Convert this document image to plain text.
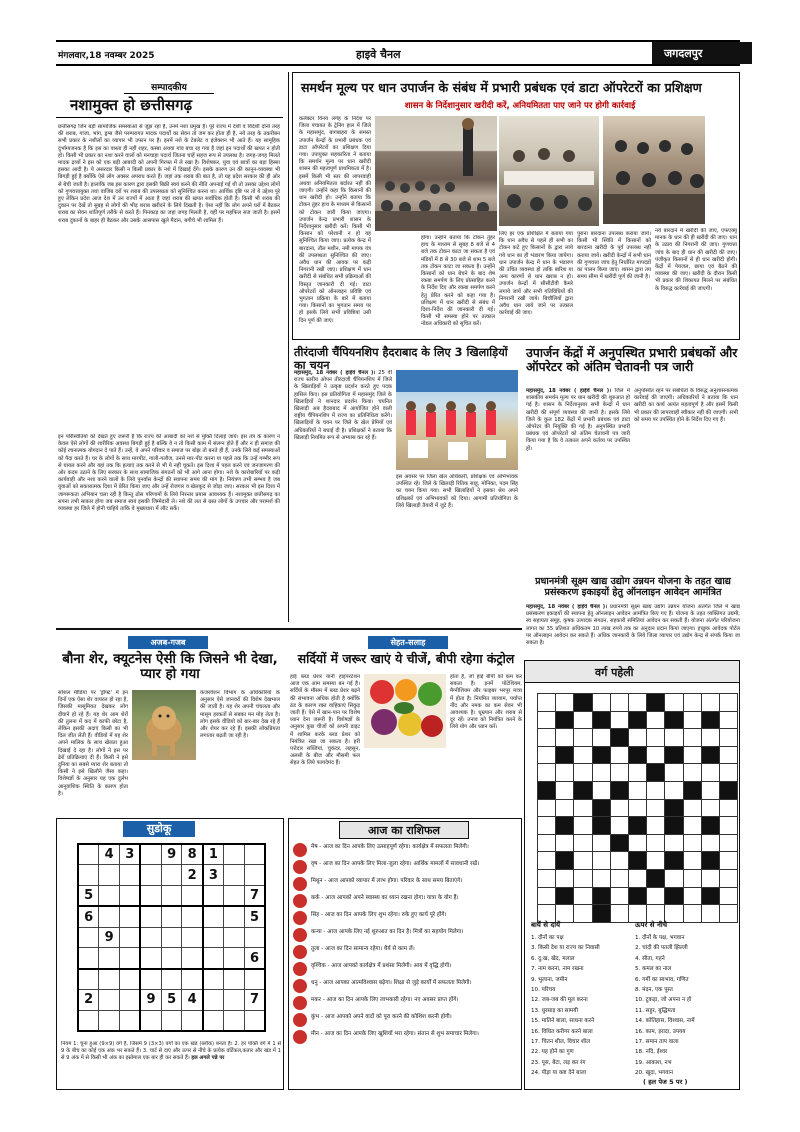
मंगलवार,18 नवम्बर 2025	हाइवे चैनल	जगदलपुर 2
सम्पादकीय
नशामुक्त हो छत्तीसगढ़
छत्तीसगढ़ जिन बड़ी सामाजिक समस्याओं से जूझ रहा है, उनमें नशा प्रमुख है। पूरे राज्य में देशी व विदेशी दोनों तरह की शराब, गांजा, भांग, ड्रग्स जैसे परम्परागत मादक पदार्थों का सेवन तो जम कर होता ही है, नये तरह के तकरीबन सभी प्रकार के नशीलों का व्यापार भी उफान पर है। इनमें नशे के टेबलेट व इंजेक्शन भी आते हैं। यह सामूहिक दुर्भाग्यजनक है कि इस का वास्ता ही नहीं शहर, कस्बा अथवा गांव बचा रह गया है जहां इन पदार्थों की खपत न होती हो। किसी भी प्रकार का नशा करने वालों को मनचाहा पदार्थ जितना चाहें सहज रूप से उपलब्ध है। जगह-जगह मिलते मादक द्रव्यों ने इस को एक बड़ी आबादी को अपनी गिरफ्त में ले रखा है। विशेषकर, युवा एवं छात्रों का बड़ा हिस्सा इसका आदी है। ये असरदार किसी न किसी प्रकार के नशे में दिखाई देंगे। इसके कारण उन की कानून-व्यवस्था भी बिगड़ी हुई है क्योंकि ऐसे लोग अक्सर अपराध करते हैं। जहां तक शराब की बात है, तो यह प्रदेश सरकार की ही ओर से बेची जाती है। हालांकि जब इस कारण द्वारा इसकी बिक्री स्वयं करने की नीति अपनाई गई थी तो उसका उद्देश्य लोगों को गुणवत्तायुक्त तथा वाजिब दरों पर शराब की उपलब्धता को सुनिश्चित करना था। आर्थिक दृष्टि पर तो ये उद्देश्य पूरे हुए लेकिन प्रदेश आज देश में उन राज्यों में आता है जहां शराब की खपत सर्वाधिक होती है। किसी भी शराब की दुकान पर देखें तो सुबह से लोगों की भीड़ शराब खरीदने के लिये दिखती है। ऐसा नहीं कि लोग अपने घरों में बैठकर शराब का सेवन शांतिपूर्ण तरीके से करते हैं। पिनकाड़ का जहां जगह मिलती है, वहीं पर महफिल सज जाती है। इसमें शराब दुकानों के बाहर ही बैठकर और उसके आसपास खुले मैदान, बगीचे भी शामिल हैं।
इन परिस्थितियों को देखते हुए जरूरी है कि राज्य की आबादी को नशे से मुक्ति दिलाई जाये। इस तंत्र के कारण न केवल ऐसे लोगों की शारीरिक अवस्था बिगड़ी हुई है बल्कि वे न तो किसी काम में संलग्न होते हैं और न ही समाज की कोई रचनात्मक योगदान दे पाते हैं। उन्हें, वे अपने परिवार व समाज पर बोझ तो बनते ही हैं, उनके लिये कई समस्याओं को पैदा करते हैं। घर के लोगों के साथ मारपीट, गाली-गलौज, उनसे मार-पीट करना या पहले तक कि उन्हें गम्भीर रूप से घायल करने और यहां तक कि हत्याएं तक करने से भी ये नहीं चूकते। इस दिशा में पहल करने एवं जनजागरण की ओर कदम उठाने के लिए सरकार के साथ सामाजिक संगठनों को भी आगे आना होगा। नशे के कारोबारियों पर कड़ी कार्यवाही और नशा करने वालों के लिये पुनर्वास केन्द्रों की स्थापना समय की मांग है। नियंत्रण तभी सम्भव है जब युवाओं को सकारात्मक दिशा में प्रेरित किया जाए और उन्हें रोजगार व खेलकूद से जोड़ा जाए। सरकार भी इस दिशा में जागरूकता अभियान चला रही है किन्तु ठोस परिणामों के लिये निरन्तर प्रयास आवश्यक हैं। नशामुक्त छत्तीसगढ़ का सपना तभी साकार होगा जब समाज स्वयं इसकी जिम्मेदारी ले। नशे की लत से ग्रस्त लोगों के उपचार और परामर्श की व्यवस्था हर जिले में होनी चाहिये ताकि वे मुख्यधारा में लौट सकें।
समर्थन मूल्य पर धान उपार्जन के संबंध में प्रभारी प्रबंधक एवं डाटा ऑपरेटरों का प्रशिक्षण
शासन के निर्देशानुसार खरीदी करें, अनियमितता पाए जाने पर होगी कार्रवाई
कलेक्टर विनय लंगेह के निर्देश पर जिला पंचायत के ट्रेनिंग हाल में जिले के महासमुंद, बागबाहरा के समस्त उपार्जन केन्द्रों के प्रभारी प्रबंधक एवं डाटा ऑपरेटरों का प्रशिक्षण दिया गया। उपायुक्त सहकारिता ने बताया कि समर्थन मूल्य पर धान खरीदी शासन की महत्वपूर्ण प्राथमिकता में है। इसमें किसी भी स्तर की लापरवाही अथवा अनियमितता बर्दाश्त नहीं की जाएगी। उन्होंने कहा कि किसानों की धान खरीदी हो। उन्होंने बताया कि टोकन तुंहर हाथ के माध्यम से किसानों को टोकन जारी किया जाएगा। उपार्जन केन्द्र प्रभारी शासन के निर्देशानुसार खरीदी करें। किसी भी किसान को परेशानी न हो यह सुनिश्चित किया जाए। प्रत्येक केन्द्र में बारदाना, तौल मशीन, नमी मापक यंत्र की उपलब्धता सुनिश्चित की जाए। अवैध धान की आवक पर कड़ी निगरानी रखी जाए। प्रशिक्षण में धान खरीदी से संबंधित सभी प्रक्रियाओं की विस्तृत जानकारी दी गई। डाटा ऑपरेटरों को ऑनलाइन प्रविष्टि एवं भुगतान प्रक्रिया के बारे में बताया गया। किसानों का भुगतान समय पर हो इसके लिये सभी प्रविष्टियां उसी दिन पूर्ण की जाएं।
होगा। उन्होंने बताया कि टोकन तुंहर हाथ के माध्यम से सुबह 8 बजे से 4 बजे तक टोकन काटा जा सकता है एवं मंडियों में 8 से 30 बजे से शाम 5 बजे तक टोकन काटा जा सकता है। उन्होंने किसानों को धान बेचने के बाद शेष रकबा समर्पण के लिए प्रोत्साहित करने के निर्देश दिए और रकबा समर्पण करने हेतु प्रेरित करने को कहा गया है। प्रशिक्षण में धान खरीदी से संबंध में दिशा-निर्देश की जानकारी दी गई। किसी भी समस्या होने पर तत्काल नोडल अधिकारी को सूचित करें।
लिए हर एक प्रशिक्षित में बताया गया कि धान अवैध से पहले ही सभी का टोकन कटे हुए किसानों के द्वारा लाये गये धान का ही भंडारण किया जायेगा। धान उपार्जन केन्द्र में धान के भंडारण की उचित व्यवस्था हो ताकि बारिश या अन्य कारणों से धान खराब न हो। उपार्जन केन्द्रों में सीसीटीवी कैमरे लगाये जायें और सभी गतिविधियों की निगरानी रखी जाये। बिचौलियों द्वारा अवैध धान लाये जाने पर तत्काल कार्रवाई की जाए।
पुराना बारदाना उपलब्ध कराया जाये। किसी भी स्थिति में किसानों को बारदाना खरीदी के पूर्व उपलब्ध नहीं कराया जाये। खरीदी केन्द्रों में सभी धान की गुणवत्ता जांच हेतु निर्धारित मापदंडों का पालन किया जाए। शासन द्वारा तय समय सीमा में खरीदी पूर्ण की जानी है।
नये बारदाने में खरीदी की जाए, एफएक्यू मानक के धान की ही खरीदी की जाए। धान के उठाव की निगरानी की जाए। गुणवत्ता जांच के बाद ही धान की खरीदी की जाए। पंजीकृत किसानों से ही धान खरीदी होगी। केंद्रों में पेयजल, छाया एवं बैठने की व्यवस्था की जाए। खरीदी के दौरान किसी भी प्रकार की शिकायत मिलने पर संबंधित के विरुद्ध कार्रवाई की जाएगी।
तीरंदाजी चैंपियनशिप हैदराबाद के लिए 3 खिलाड़ियों का चयन
महासमुंद, 18 नवंबर ( हाईवे चैनल )। 25 वीं राज्य स्तरीय ओपन तीरंदाजी चैंपियनशिप में जिले के खिलाड़ियों ने उत्कृष्ट प्रदर्शन करते हुए पदक हासिल किए। इस प्रतियोगिता में महासमुंद जिले के खिलाड़ियों ने शानदार प्रदर्शन किया। चयनित खिलाड़ी अब हैदराबाद में आयोजित होने वाली राष्ट्रीय चैंपियनशिप में राज्य का प्रतिनिधित्व करेंगे। खिलाड़ियों के चयन पर जिले के खेल प्रेमियों एवं अधिकारियों ने बधाई दी है। प्रशिक्षकों ने बताया कि खिलाड़ी नियमित रूप से अभ्यास कर रहे हैं।
इस अवसर पर जिला खेल अधिकारी, प्रशिक्षक एवं अभिभावक उपस्थित रहे। जिले के खिलाड़ी रितिक साहू, मोनिका, पदम सिंह का चयन किया गया। सभी खिलाड़ियों ने इसका श्रेय अपने प्रशिक्षकों एवं अभिभावकों को दिया। आगामी प्रतियोगिता के लिये खिलाड़ी तैयारी में जुटे हैं।
उपार्जन केंद्रों में अनुपस्थित प्रभारी प्रबंधकों और ऑपरेटर को अंतिम चेतावनी पत्र जारी
महासमुंद, 18 नवंबर ( हाईवे चैनल )। जिले में शासकीय समर्थन मूल्य पर धान खरीदी की शुरुआत हो गई है। शासन के निर्देशानुसार सभी केन्द्रों में धान खरीदी की संपूर्ण व्यवस्था की जानी है। इसके लिये जिले के कुल 182 केंद्रों में प्रभारी प्रबंधक एवं डाटा ऑपरेटर की नियुक्ति की गई है। अनुपस्थित प्रभारी प्रबंधक एवं ऑपरेटरों को अंतिम चेतावनी पत्र जारी किया गया है कि वे तत्काल अपने कर्तव्य पर उपस्थित हों।
अनुपस्थित रहने पर संबंधितों के विरुद्ध अनुशासनात्मक कार्रवाई की जाएगी। अधिकारियों ने बताया कि धान खरीदी का कार्य अत्यंत महत्वपूर्ण है और इसमें किसी भी प्रकार की लापरवाही स्वीकार नहीं की जाएगी। सभी को समय पर उपस्थित होने के निर्देश दिए गए हैं।
प्रधानमंत्री सूक्ष्म खाद्य उद्योग उन्नयन योजना के तहत खाद्य प्रसंस्करण इकाइयों हेतु ऑनलाइन आवेदन आमंत्रित
महासमुंद, 18 नवंबर ( हाईवे चैनल )। प्रधानमंत्री सूक्ष्म खाद्य उद्योग उन्नयन योजना अंतर्गत जिले में खाद्य प्रसंस्करण इकाइयों की स्थापना हेतु ऑनलाइन आवेदन आमंत्रित किए गए हैं। योजना के तहत व्यक्तिगत उद्यमी, स्व सहायता समूह, कृषक उत्पादक संगठन, सहकारी समितियां आवेदन कर सकती हैं। योजना अंतर्गत परियोजना लागत का 35 प्रतिशत अधिकतम 10 लाख रुपये तक का अनुदान प्रदान किया जाएगा। इच्छुक आवेदक पोर्टल पर ऑनलाइन आवेदन कर सकते हैं। अधिक जानकारी के लिये जिला व्यापार एवं उद्योग केन्द्र से संपर्क किया जा सकता है।
अजब-गजब
बौना शेर, क्यूटनेस ऐसी कि जिसने भी देखा, प्यार हो गया
सोशल मीडिया पर 'ड्रॉफ्ट' में इन दिनों एक ऐसा शेर वायरल हो रहा है, जिसकी मासूमियत देखकर लोग दीवाने हो रहे हैं। यह शेर आम शेरों की तुलना में कद में काफी छोटा है, लेकिन इसकी अदाएं किसी का भी दिल जीत लेती हैं। वीडियो में यह शेर अपने मालिक के साथ खेलता हुआ दिखाई दे रहा है। लोगों ने इस पर ढेरों प्रतिक्रियाएं दी हैं। किसी ने इसे दुनिया का सबसे प्यारा शेर बताया तो किसी ने इसे खिलौने जैसा कहा। विशेषज्ञों के अनुसार यह एक दुर्लभ आनुवांशिक स्थिति के कारण होता है।
कंजरवेशन विभाग के अधिकारियों के अनुसार ऐसे जानवरों की विशेष देखभाल की जाती है। यह शेर अपनी चंचलता और मासूम हरकतों से सबका मन मोह लेता है। लोग इसके वीडियो को बार-बार देख रहे हैं और शेयर कर रहे हैं। इसकी लोकप्रियता लगातार बढ़ती जा रही है।
सेहत-सलाह
सर्दियों में जरूर खाएं ये चीजें, बीपी रहेगा कंट्रोल
हाई ब्लड प्रेशर यानी हाइपरटेंशन आज एक आम समस्या बन गई है। सर्दियों के मौसम में ब्लड प्रेशर बढ़ने की संभावना अधिक होती है क्योंकि ठंड के कारण रक्त वाहिकाएं सिकुड़ जाती हैं। ऐसे में खान-पान पर विशेष ध्यान देना जरूरी है। विशेषज्ञों के अनुसार कुछ चीजों को अपनी डाइट में शामिल करके ब्लड प्रेशर को नियंत्रित रखा जा सकता है। हरी पत्तेदार सब्जियां, चुकंदर, लहसुन, अलसी के बीज और मौसमी फल सेहत के लिये फायदेमंद हैं।
होता है, जो हाई बीपी को कम कर सकता है। इनमें पोटेशियम, मैग्नीशियम और फाइबर भरपूर मात्रा में होता है। नियमित व्यायाम, पर्याप्त नींद और नमक का कम सेवन भी आवश्यक है। धूम्रपान और शराब से दूर रहें। तनाव को नियंत्रित करने के लिये योग और ध्यान करें।
वर्ग पहेली

बायें से दायें	ऊपर से नीचे
1. दौनों का पक्ष
3. किसी देश या राज्य का निवासी
6. दु:ख, खेद, मलाल
7. नाम करना, नाम रखना
9. भुलाना, जमीन
10. परिचय
12. जब-जब की मूल करना
13. धुरसाइ का सामयी
15. मातिने बाला, साधना करने
16. विधित करीगर करने बाला
17. चितन शील, विचार शील
22. यह होने का गुण
23. पूस, बेटा, लड़ कर रंग
24. पीड़ा या कष्ट देने बाला
1. दौनों के पक्ष, भगवान
2. चांदी की पतली झिल्ली
4. सीता, गहने
5. कमल का नाल
6. गर्मी का स्वभाव, गणित
8. मंदन, एक पुस्त
10. टुकड़ा, जो अपना न हो
11. सहुर, बुद्धिमता
14. कोतिहास, विश्वास, नामें
16. काम, इरादा, उपयय
17. समान ताप वाला
18. नदि, ईश्वर
19. आकाश, नभ
20. खुदा, भगवान
( हल पेज 5 पर )
सुडोकू
	4	3		9	8	1		
					2	3		
5								7
6								5
	9							
								6

2			9	5	4			7

नियम 1: चुना हुआ (9×9) वर्ग है, जिसमें 9 (3×3) वर्गों का एक खंड (ब्लॉक) बनता है। 2. हर पंक्ति वर्ग में 1 से 9 के बीच का कोई एक अंक भर सकते हैं। 3. चार्ट से दाएं और ऊपर से नीचे के प्रत्येक वर्टिकल,कतार और खंड में 1 से 9 अंक में से किसी भी अंक का इस्तेमाल एक बार ही कर सकते हैं। हल अगले पन्ने पर
आज का राशिफल
मेष - आज का दिन आपके लिए उत्साहपूर्ण रहेगा। कार्यक्षेत्र में सफलता मिलेगी।
वृष - आज का दिन आपके लिए मिला-जुला रहेगा। आर्थिक मामलों में सावधानी रखें।
मिथुन - आज आपको व्यापार में लाभ होगा। परिवार के साथ समय बिताएंगे।
कर्क - आज आपको अपने स्वास्थ्य का ध्यान रखना होगा। यात्रा के योग हैं।
सिंह - आज का दिन आपके लिए शुभ रहेगा। रुके हुए कार्य पूरे होंगे।
कन्या - आज आपके लिए नई शुरुआत का दिन है। मित्रों का सहयोग मिलेगा।
तुला - आज का दिन सामान्य रहेगा। धैर्य से काम लें।
वृश्चिक - आज आपको कार्यक्षेत्र में प्रशंसा मिलेगी। आय में वृद्धि होगी।
धनु - आज आपका आत्मविश्वास बढ़ेगा। शिक्षा से जुड़े कार्यों में सफलता मिलेगी।
मकर - आज का दिन आपके लिए लाभकारी रहेगा। नए अवसर प्राप्त होंगे।
कुंभ - आज आपको अपने वादों को पूरा करने की कोशिश करनी होगी।
मीन - आज का दिन आपके लिए खुशियों भरा रहेगा। संतान से शुभ समाचार मिलेगा।
